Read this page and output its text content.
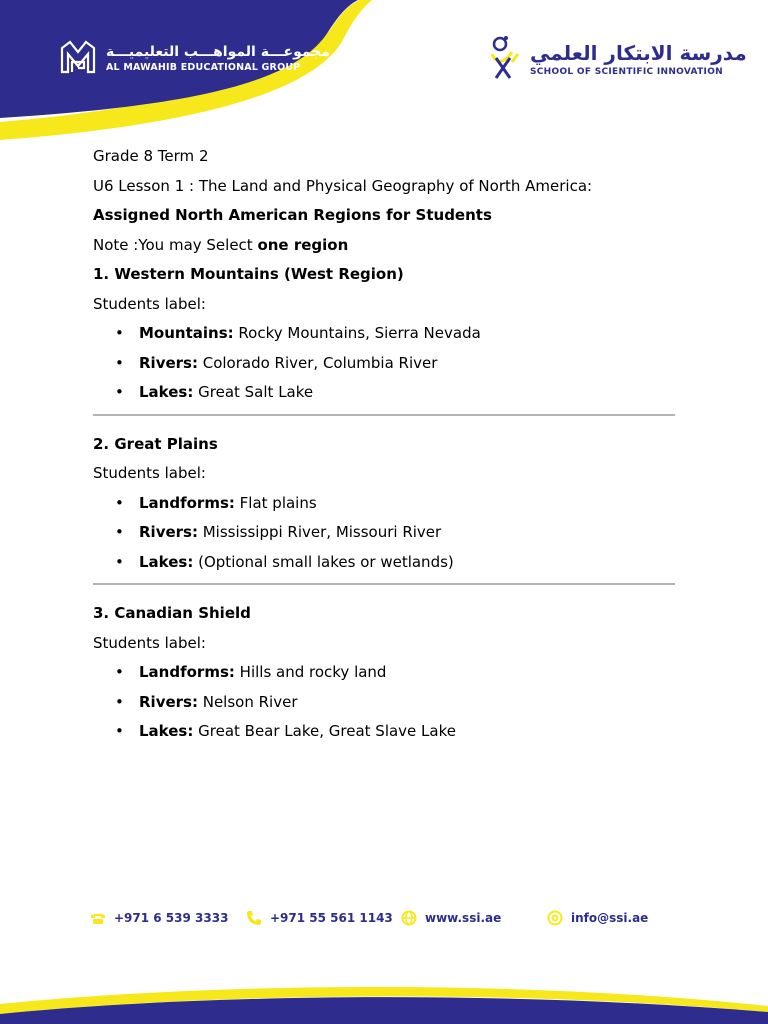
مجموعـــة المواهـــب التعليميـــة
AL MAWAHIB EDUCATIONAL GROUP
مدرسة الابتكار العلمي
SCHOOL OF SCIENTIFIC INNOVATION

Grade 8 Term 2

U6 Lesson 1 : The Land and Physical Geography of North America:

Assigned North American Regions for Students

Note :You may Select one region

1. Western Mountains (West Region)

Students label:

• Mountains: Rocky Mountains, Sierra Nevada
• Rivers: Colorado River, Columbia River
• Lakes: Great Salt Lake

2. Great Plains

Students label:

• Landforms: Flat plains
• Rivers: Mississippi River, Missouri River
• Lakes: (Optional small lakes or wetlands)

3. Canadian Shield

Students label:

• Landforms: Hills and rocky land
• Rivers: Nelson River
• Lakes: Great Bear Lake, Great Slave Lake
+971 6 539 3333	+971 55 561 1143	www.ssi.ae	info@ssi.ae
